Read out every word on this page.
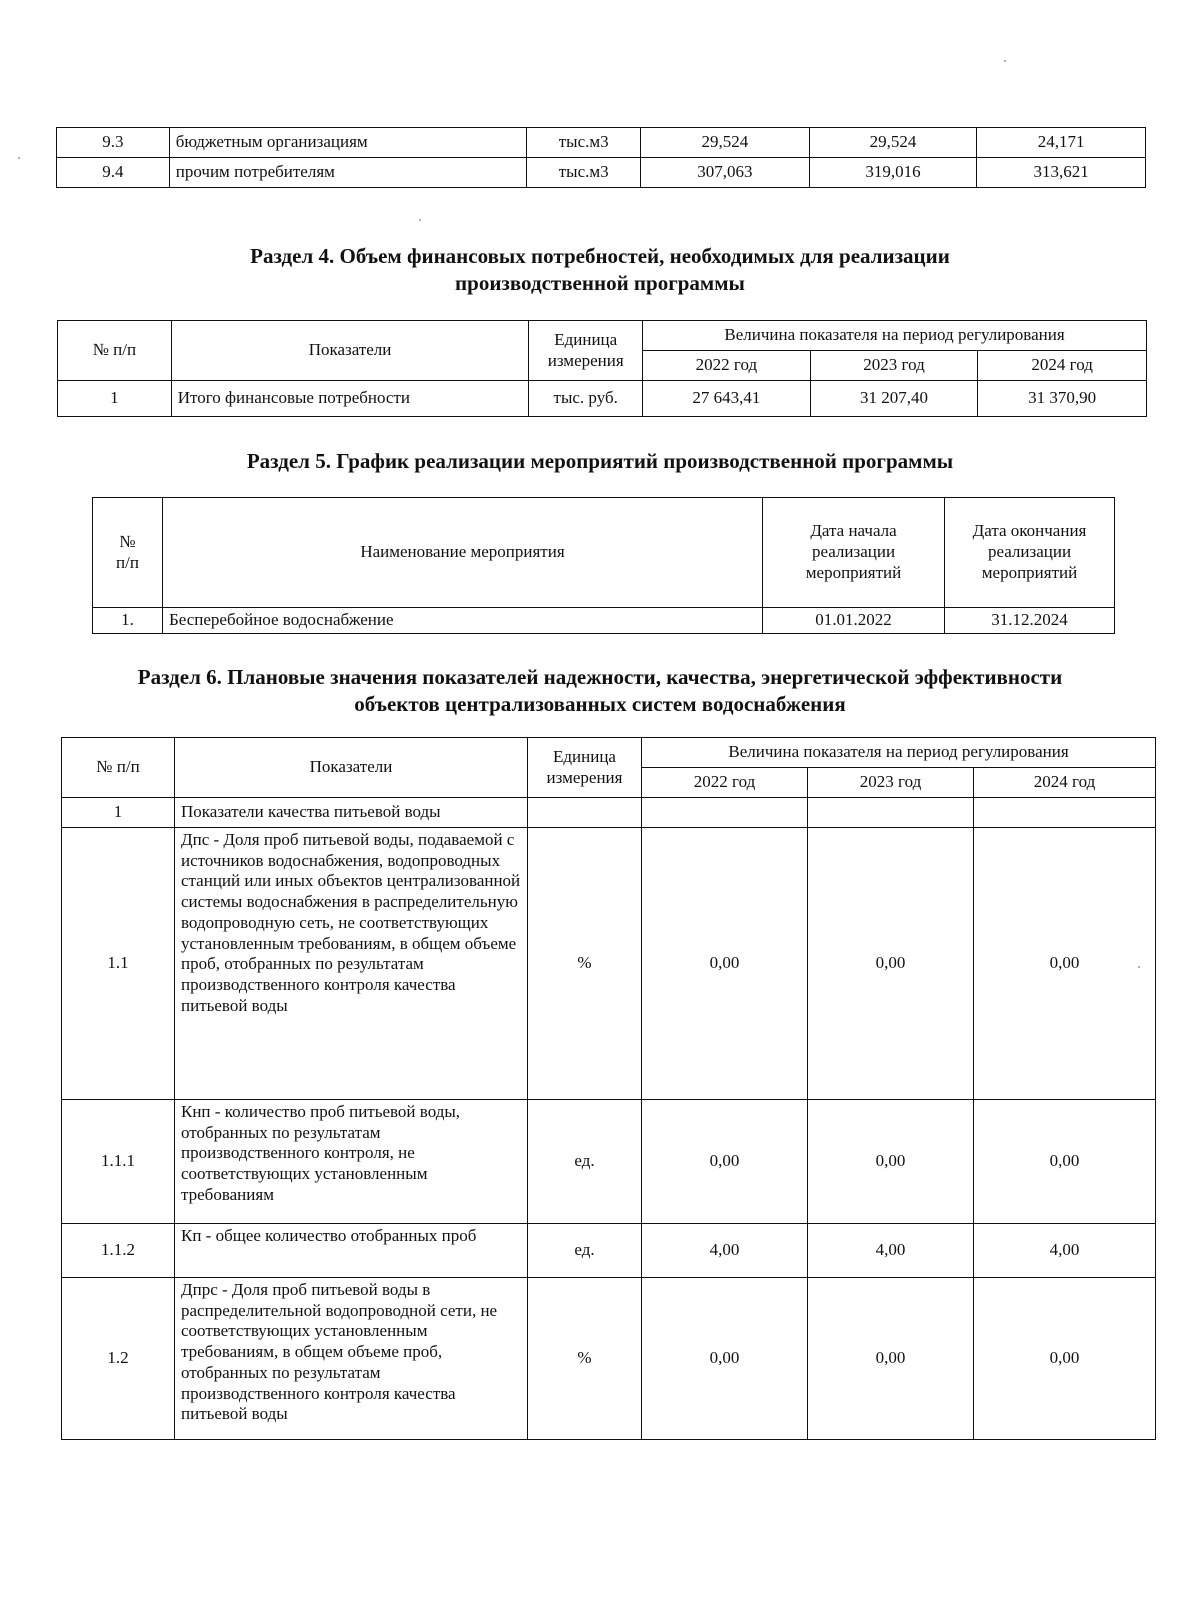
9.3	бюджетным организациям	тыс.м3	29,524	29,524	24,171
9.4	прочим потребителям	тыс.м3	307,063	319,016	313,621
Раздел 4. Объем финансовых потребностей, необходимых для реализации
производственной программы
№ п/п	Показатели	Единица измерения	Величина показателя на период регулирования		
			2022 год	2023 год	2024 год
1	Итого финансовые потребности	тыс. руб.	27 643,41	31 207,40	31 370,90
Раздел 5. График реализации мероприятий производственной программы
№ п/п	Наименование мероприятия	Дата начала реализации мероприятий	Дата окончания реализации мероприятий
1.	Бесперебойное водоснабжение	01.01.2022	31.12.2024
Раздел 6. Плановые значения показателей надежности, качества, энергетической эффективности
объектов централизованных систем водоснабжения
№ п/п	Показатели	Единица измерения	Величина показателя на период регулирования		
			2022 год	2023 год	2024 год
1	Показатели качества питьевой воды				
1.1	Дпс - Доля проб питьевой воды, подаваемой с источников водоснабжения, водопроводных станций или иных объектов централизованной системы водоснабжения в распределительную водопроводную сеть, не соответствующих установленным требованиям, в общем объеме проб, отобранных по результатам производственного контроля качества питьевой воды	%	0,00	0,00	0,00
1.1.1	Кнп - количество проб питьевой воды, отобранных по результатам производственного контроля, не соответствующих установленным требованиям	ед.	0,00	0,00	0,00
1.1.2	Кп - общее количество отобранных проб	ед.	4,00	4,00	4,00
1.2	Дпрс - Доля проб питьевой воды в распределительной водопроводной сети, не соответствующих установленным требованиям, в общем объеме проб, отобранных по результатам производственного контроля качества питьевой воды	%	0,00	0,00	0,00
